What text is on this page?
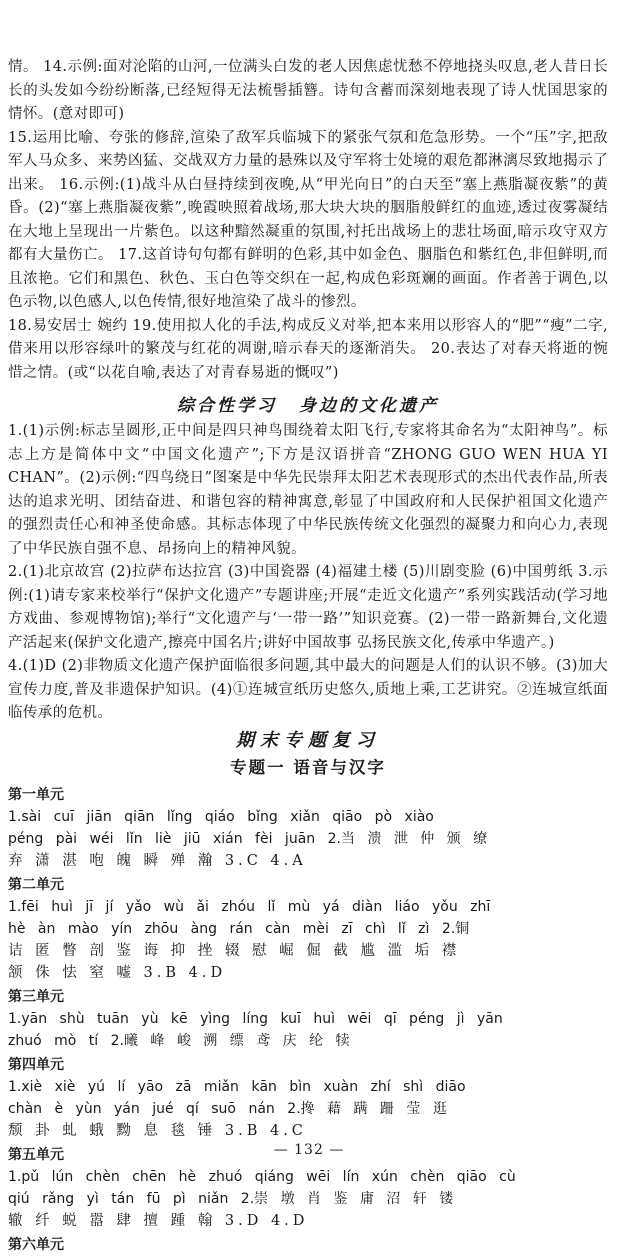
情。 14.示例:面对沦陷的山河,一位满头白发的老人因焦虑忧愁不停地挠头叹息,老人昔日长长的头发如今纷纷断落,已经短得无法梳髻插簪。诗句含蓄而深刻地表现了诗人忧国思家的情怀。(意对即可)

15.运用比喻、夸张的修辞,渲染了敌军兵临城下的紧张气氛和危急形势。一个“压”字,把敌军人马众多、来势凶猛、交战双方力量的悬殊以及守军将士处境的艰危都淋漓尽致地揭示了出来。 16.示例:(1)战斗从白昼持续到夜晚,从“甲光向日”的白天至“塞上燕脂凝夜紫”的黄昏。(2)“塞上燕脂凝夜紫”,晚霞映照着战场,那大块大块的胭脂般鲜红的血迹,透过夜雾凝结在大地上呈现出一片紫色。以这种黯然凝重的氛围,衬托出战场上的悲壮场面,暗示攻守双方都有大量伤亡。 17.这首诗句句都有鲜明的色彩,其中如金色、胭脂色和紫红色,非但鲜明,而且浓艳。它们和黑色、秋色、玉白色等交织在一起,构成色彩斑斓的画面。作者善于调色,以色示物,以色感人,以色传情,很好地渲染了战斗的惨烈。

18.易安居士 婉约 19.使用拟人化的手法,构成反义对举,把本来用以形容人的“肥”“瘦”二字,借来用以形容绿叶的繁茂与红花的凋谢,暗示春天的逐渐消失。 20.表达了对春天将逝的惋惜之情。(或“以花自喻,表达了对青春易逝的慨叹”)

综合性学习 身边的文化遗产

1.(1)示例:标志呈圆形,正中间是四只神鸟围绕着太阳飞行,专家将其命名为“太阳神鸟”。标志上方是简体中文“中国文化遗产”;下方是汉语拼音“ZHONG GUO WEN HUA YI CHAN”。(2)示例:“四鸟绕日”图案是中华先民崇拜太阳艺术表现形式的杰出代表作品,所表达的追求光明、团结奋进、和谐包容的精神寓意,彰显了中国政府和人民保护祖国文化遗产的强烈责任心和神圣使命感。其标志体现了中华民族传统文化强烈的凝聚力和向心力,表现了中华民族自强不息、昂扬向上的精神风貌。

2.(1)北京故宫 (2)拉萨布达拉宫 (3)中国瓷器 (4)福建土楼 (5)川剧变脸 (6)中国剪纸 3.示例:(1)请专家来校举行“保护文化遗产”专题讲座;开展“走近文化遗产”系列实践活动(学习地方戏曲、参观博物馆);举行“文化遗产与‘一带一路’”知识竞赛。(2)一带一路新舞台,文化遗产活起来(保护文化遗产,擦亮中国名片;讲好中国故事 弘扬民族文化,传承中华遗产。)

4.(1)D (2)非物质文化遗产保护面临很多问题,其中最大的问题是人们的认识不够。(3)加大宣传力度,普及非遗保护知识。(4)①连城宣纸历史悠久,质地上乘,工艺讲究。②连城宣纸面临传承的危机。

期末专题复习
专题一 语音与汉字
第一单元
1.sài cuī jiān qiān lǐng qiáo bǐng xiǎn qiāo pò xiào
péng pài wéi lǐn liè jiū xián fèi juān 2.当 溃 泄 仲 颁 缭
弃 潇 湛 咆 魄 瞬 殚 瀚 3.C 4.A
第二单元
1.fēi huì jī jí yǎo wù ǎi zhóu lǐ mù yá diàn liáo yǒu zhī
hè àn mào yín zhōu àng rán càn mèi zī chì lǐ zì 2.铜
诘 匿 瞥 剖 鉴 诲 抑 挫 辍 慰 崛 倔 截 尴 滥 垢 襟
颔 侏 怯 窒 嘘 3.B 4.D
第三单元
1.yān shù tuān yù kē yìng líng kuī huì wēi qī péng jì yān
zhuó mò tí 2.曦 峰 峻 溯 缥 鸢 庆 纶 犊
第四单元
1.xiè xiè yú lí yāo zā miǎn kān bìn xuàn zhí shì diāo
chàn è yùn yán jué qí suō nán 2.搀 藉 蹒 跚 莹 逛
颓 卦 虬 蛾 黝 息 毯 锤 3.B 4.C
第五单元
1.pǔ lún chèn chēn hè zhuó qiáng wēi lín xún chèn qiāo cù
qiú rǎng yì tán fū pì niǎn 2.崇 墩 肖 鉴 庸 沼 轩 镂
辙 纤 蜕 嚣 肆 擅 踵 翰 3.D 4.D
第六单元
— 132 —
